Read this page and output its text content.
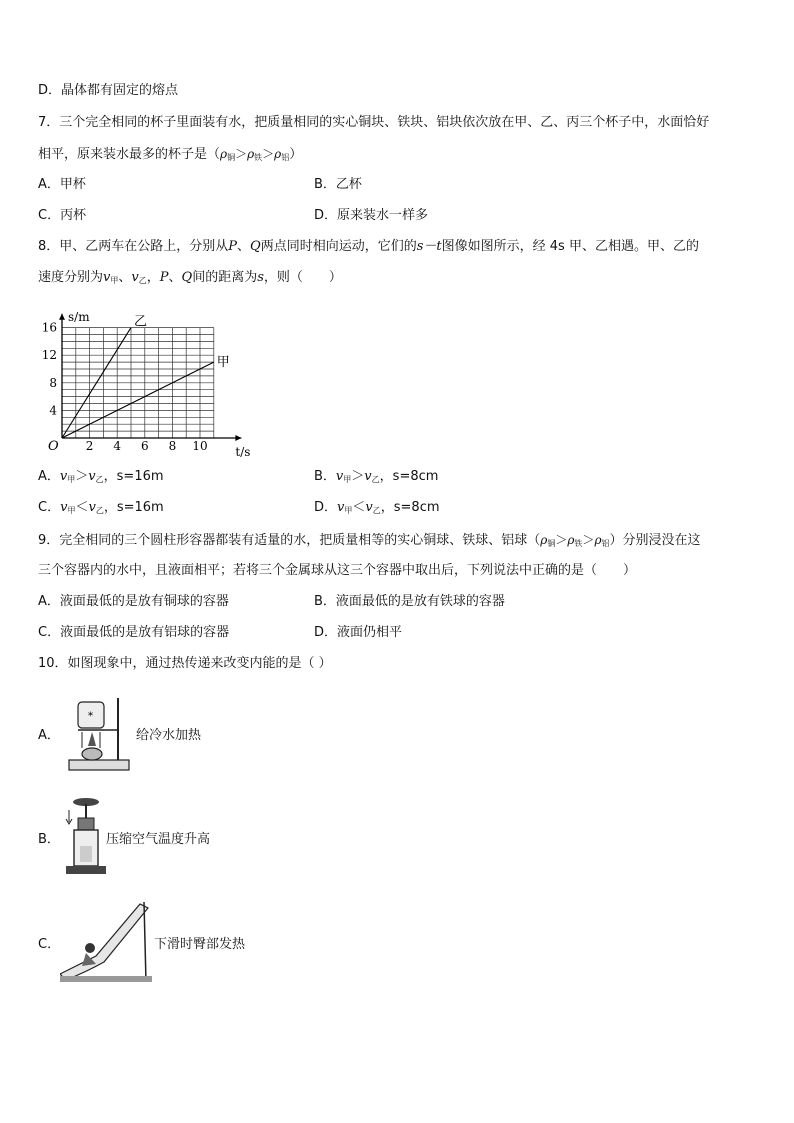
D．晶体都有固定的熔点
7．三个完全相同的杯子里面装有水，把质量相同的实心铜块、铁块、铝块依次放在甲、乙、丙三个杯子中，水面恰好
相平，原来装水最多的杯子是$(\rho_铜>\rho_铁>\rho_铝)$
A．甲杯	B．乙杯
C．丙杯	D．原来装水一样多
8．甲、乙两车在公路上，分别从P、Q两点同时相向运动，它们的s－t图像如图所示，经 4s 甲、乙相遇。甲、乙的
速度分别为$v_甲$、$v_乙$，P、Q间的距离为s，则（　　）
2 4 6 8 10
4
8
12
16
O	t/s
s/m	乙
甲
A．$v_甲>v_乙$，s=16m	B．$v_甲>v_乙$，s=8cm
C．$v_甲<v_乙$，s=16m	D．$v_甲<v_乙$，s=8cm
9．完全相同的三个圆柱形容器都装有适量的水，把质量相等的实心铜球、铁球、铝球$(\rho_铜>\rho_铁>\rho_铝)$分别浸没在这
三个容器内的水中，且液面相平；若将三个金属球从这三个容器中取出后，下列说法中正确的是（　　）
A．液面最低的是放有铜球的容器	B．液面最低的是放有铁球的容器
C．液面最低的是放有铝球的容器	D．液面仍相平
10．如图现象中，通过热传递来改变内能的是（ ）
A．
*
给冷水加热
B．	压缩空气温度升高
C．	下滑时臀部发热
